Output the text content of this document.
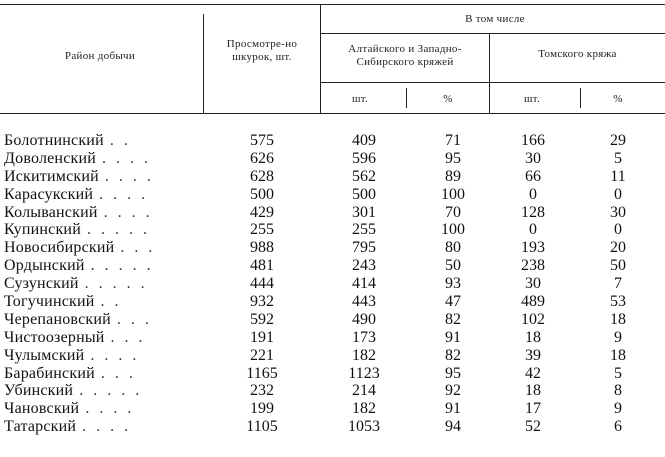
Район добычи
Просмотре-но шкурок, шт.
В том числе
Алтайского и Западно-Сибирского кряжей
Томского кряжа
шт.	%	шт.	%
Болотнинский . .	575	409	71	166	29
Доволенский . . . .	626	596	95	30	5
Искитимский . . . .	628	562	89	66	11
Карасукский . . . .	500	500	100	0	0
Колыванский . . . .	429	301	70	128	30
Купинский . . . . .	255	255	100	0	0
Новосибирский . . .	988	795	80	193	20
Ордынский . . . . .	481	243	50	238	50
Сузунский . . . . .	444	414	93	30	7
Тогучинский . .	932	443	47	489	53
Черепановский . . .	592	490	82	102	18
Чистоозерный . . .	191	173	91	18	9
Чулымский . . . .	221	182	82	39	18
Барабинский . . .	1165	1123	95	42	5
Убинский . . . . .	232	214	92	18	8
Чановский . . . .	199	182	91	17	9
Татарский . . . .	1105	1053	94	52	6
